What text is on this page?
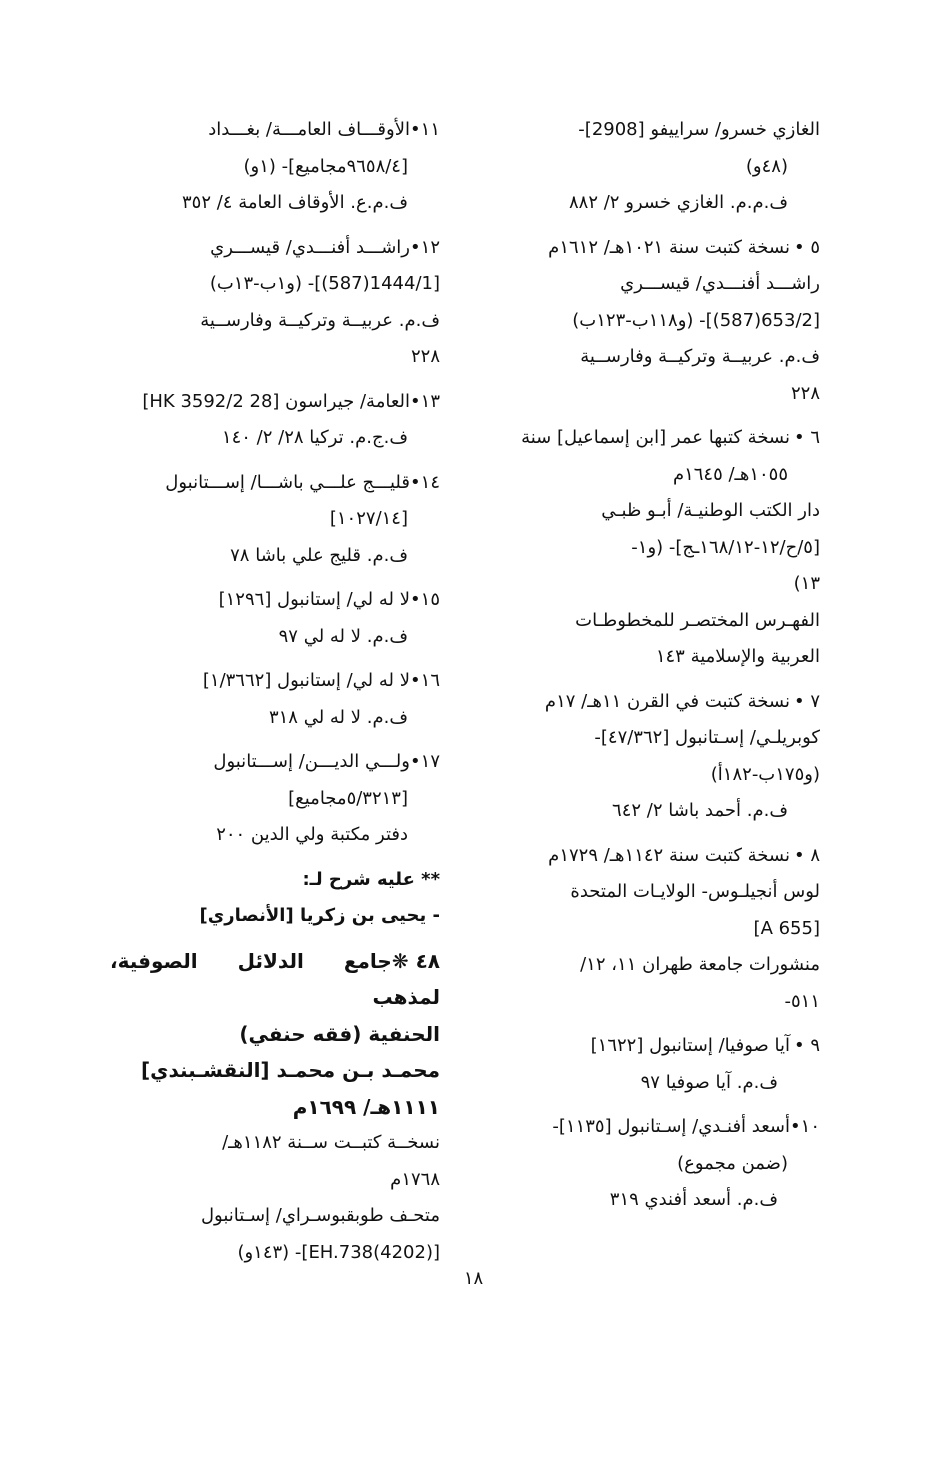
الغازي خسرو/ سراييفو [2908]-
(٤٨و)
ف.م.م. الغازي خسرو ٢/ ٨٨٢
٥ •نسخة كتبت سنة ١٠٢١هـ/ ١٦١٢م
راشـــد أفنـــدي/ قيســـري
[653/2(587)]- (و١١٨ب-١٢٣ب)
ف.م. عربيــة وتركيــة وفارســية
٢٢٨
٦ •نسخة كتبها عمر [ابن إسماعيل] سنة
١٠٥٥هـ/ ١٦٤٥م
دار الكتب الوطنيـة/ أبـو ظبـي
[٥/ح/١٢-١٦٨/١٢ـج]- (و١-
١٣)
الفهـرس المختصـر للمخطوطـات
العربية والإسلامية ١٤٣
٧ •نسخة كتبت في القرن ١١هـ/ ١٧م
كوبريلـي/ إسـتانبول [٤٧/٣٦٢]-
(و١٧٥ب-١٨٢أ)
ف.م. أحمد باشا ٢/ ٦٤٢
٨ •نسخة كتبت سنة ١١٤٢هـ/ ١٧٢٩م
لوس أنجيلـوس- الولايـات المتحدة
[A 655]
منشورات جامعة طهران ١١، ١٢/
٥١١-
٩ •آيا صوفيا/ إستانبول [١٦٢٢]
ف.م. آيا صوفيا ٩٧
١٠•أسعد أفنـدي/ إسـتانبول [١١٣٥]-
(ضمن مجموع)
ف.م. أسعد أفندي ٣١٩
١١•الأوقـــاف العامـــة/ بغـــداد
[٩٦٥٨/٤مجاميع]- (١و)
ف.م.ع. الأوقاف العامة ٤/ ٣٥٢
١٢•راشـــد أفنـــدي/ قيســـري
[1444/1(587)]- (و١ب-١٣ب)
ف.م. عربيــة وتركيــة وفارســية
٢٢٨
١٣•العامة/ جيراسون [28 HK 3592/2]
ف.ج.م. تركيا ٢٨/ ٢/ ١٤٠
١٤•قليـــج علـــي باشـــا/ إســـتانبول
[١٠٢٧/١٤]
ف.م. قليج علي باشا ٧٨
١٥•لا له لي/ إستانبول [١٢٩٦]
ف.م. لا له لي ٩٧
١٦•لا له لي/ إستانبول [١/٣٦٦٢]
ف.م. لا له لي ٣١٨
١٧•ولـــي الديـــن/ إســـتانبول
[٥/٣٢١٣مجاميع]
دفتر مكتبة ولي الدين ٢٠٠
** عليه شرح لـ:
- يحيى بن زكريا [الأنصاري]
٤٨ ❋جامع الدلائل الصوفية، لمذهب
الحنفية (فقه حنفي)
محمـد بـن محمـد [النقشـبندي]
١١١١هـ/ ١٦٩٩م
نسخــة كتبــت ســنة ١١٨٢هـ/
١٧٦٨م
متحـف طوبقبوسـراي/ إسـتانبول
[EH.738(4202)]- (١٤٣و)
١٨
